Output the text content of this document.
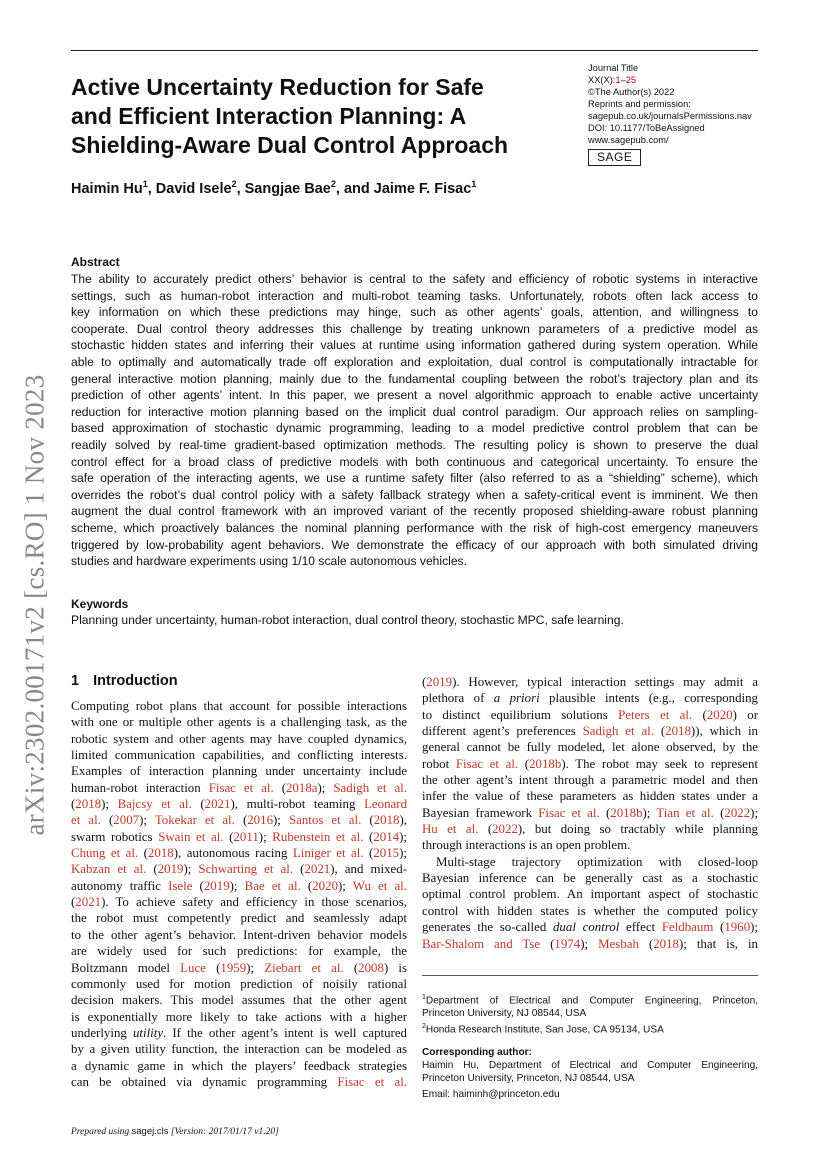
arXiv:2302.00171v2 [cs.RO] 1 Nov 2023
Active Uncertainty Reduction for Safe
and Efficient Interaction Planning: A
Shielding-Aware Dual Control Approach
Journal Title
XX(X):1–25
©The Author(s) 2022
Reprints and permission:
sagepub.co.uk/journalsPermissions.nav
DOI: 10.1177/ToBeAssigned
www.sagepub.com/
SAGE
Haimin Hu$^1$, David Isele$^2$, Sangjae Bae$^2$, and Jaime F. Fisac$^1$
Abstract
The ability to accurately predict others’ behavior is central to the safety and efficiency of robotic systems in interactive
settings, such as human-robot interaction and multi-robot teaming tasks. Unfortunately, robots often lack access to
key information on which these predictions may hinge, such as other agents’ goals, attention, and willingness to
cooperate. Dual control theory addresses this challenge by treating unknown parameters of a predictive model as
stochastic hidden states and inferring their values at runtime using information gathered during system operation. While
able to optimally and automatically trade off exploration and exploitation, dual control is computationally intractable for
general interactive motion planning, mainly due to the fundamental coupling between the robot’s trajectory plan and its
prediction of other agents’ intent. In this paper, we present a novel algorithmic approach to enable active uncertainty
reduction for interactive motion planning based on the implicit dual control paradigm. Our approach relies on sampling-
based approximation of stochastic dynamic programming, leading to a model predictive control problem that can be
readily solved by real-time gradient-based optimization methods. The resulting policy is shown to preserve the dual
control effect for a broad class of predictive models with both continuous and categorical uncertainty. To ensure the
safe operation of the interacting agents, we use a runtime safety filter (also referred to as a “shielding” scheme), which
overrides the robot’s dual control policy with a safety fallback strategy when a safety-critical event is imminent. We then
augment the dual control framework with an improved variant of the recently proposed shielding-aware robust planning
scheme, which proactively balances the nominal planning performance with the risk of high-cost emergency maneuvers
triggered by low-probability agent behaviors. We demonstrate the efficacy of our approach with both simulated driving
studies and hardware experiments using 1/10 scale autonomous vehicles.
Keywords
Planning under uncertainty, human-robot interaction, dual control theory, stochastic MPC, safe learning.
1 Introduction
Computing robot plans that account for possible interactions
with one or multiple other agents is a challenging task, as the
robotic system and other agents may have coupled dynamics,
limited communication capabilities, and conflicting interests.
Examples of interaction planning under uncertainty include
human-robot interaction Fisac et al. (2018a); Sadigh et al.
(2018); Bajcsy et al. (2021), multi-robot teaming Leonard
et al. (2007); Tokekar et al. (2016); Santos et al. (2018),
swarm robotics Swain et al. (2011); Rubenstein et al. (2014);
Chung et al. (2018), autonomous racing Liniger et al. (2015);
Kabzan et al. (2019); Schwarting et al. (2021), and mixed-
autonomy traffic Isele (2019); Bae et al. (2020); Wu et al.
(2021). To achieve safety and efficiency in those scenarios,
the robot must competently predict and seamlessly adapt
to the other agent’s behavior. Intent-driven behavior models
are widely used for such predictions: for example, the
Boltzmann model Luce (1959); Ziebart et al. (2008) is
commonly used for motion prediction of noisily rational
decision makers. This model assumes that the other agent
is exponentially more likely to take actions with a higher
underlying utility. If the other agent’s intent is well captured
by a given utility function, the interaction can be modeled as
a dynamic game in which the players’ feedback strategies
can be obtained via dynamic programming Fisac et al.
(2019). However, typical interaction settings may admit a
plethora of a priori plausible intents (e.g., corresponding
to distinct equilibrium solutions Peters et al. (2020) or
different agent’s preferences Sadigh et al. (2018)), which in
general cannot be fully modeled, let alone observed, by the
robot Fisac et al. (2018b). The robot may seek to represent
the other agent’s intent through a parametric model and then
infer the value of these parameters as hidden states under a
Bayesian framework Fisac et al. (2018b); Tian et al. (2022);
Hu et al. (2022), but doing so tractably while planning
through interactions is an open problem.
Multi-stage trajectory optimization with closed-loop
Bayesian inference can be generally cast as a stochastic
optimal control problem. An important aspect of stochastic
control with hidden states is whether the computed policy
generates the so-called dual control effect Feldbaum (1960);
Bar-Shalom and Tse (1974); Mesbah (2018); that is, in
$^1$Department of Electrical and Computer Engineering, Princeton,
Princeton University, NJ 08544, USA
$^2$Honda Research Institute, San Jose, CA 95134, USA
Corresponding author:
Haimin Hu, Department of Electrical and Computer Engineering,
Princeton University, Princeton, NJ 08544, USA
Email: haiminh@princeton.edu
Prepared using sagej.cls [Version: 2017/01/17 v1.20]
